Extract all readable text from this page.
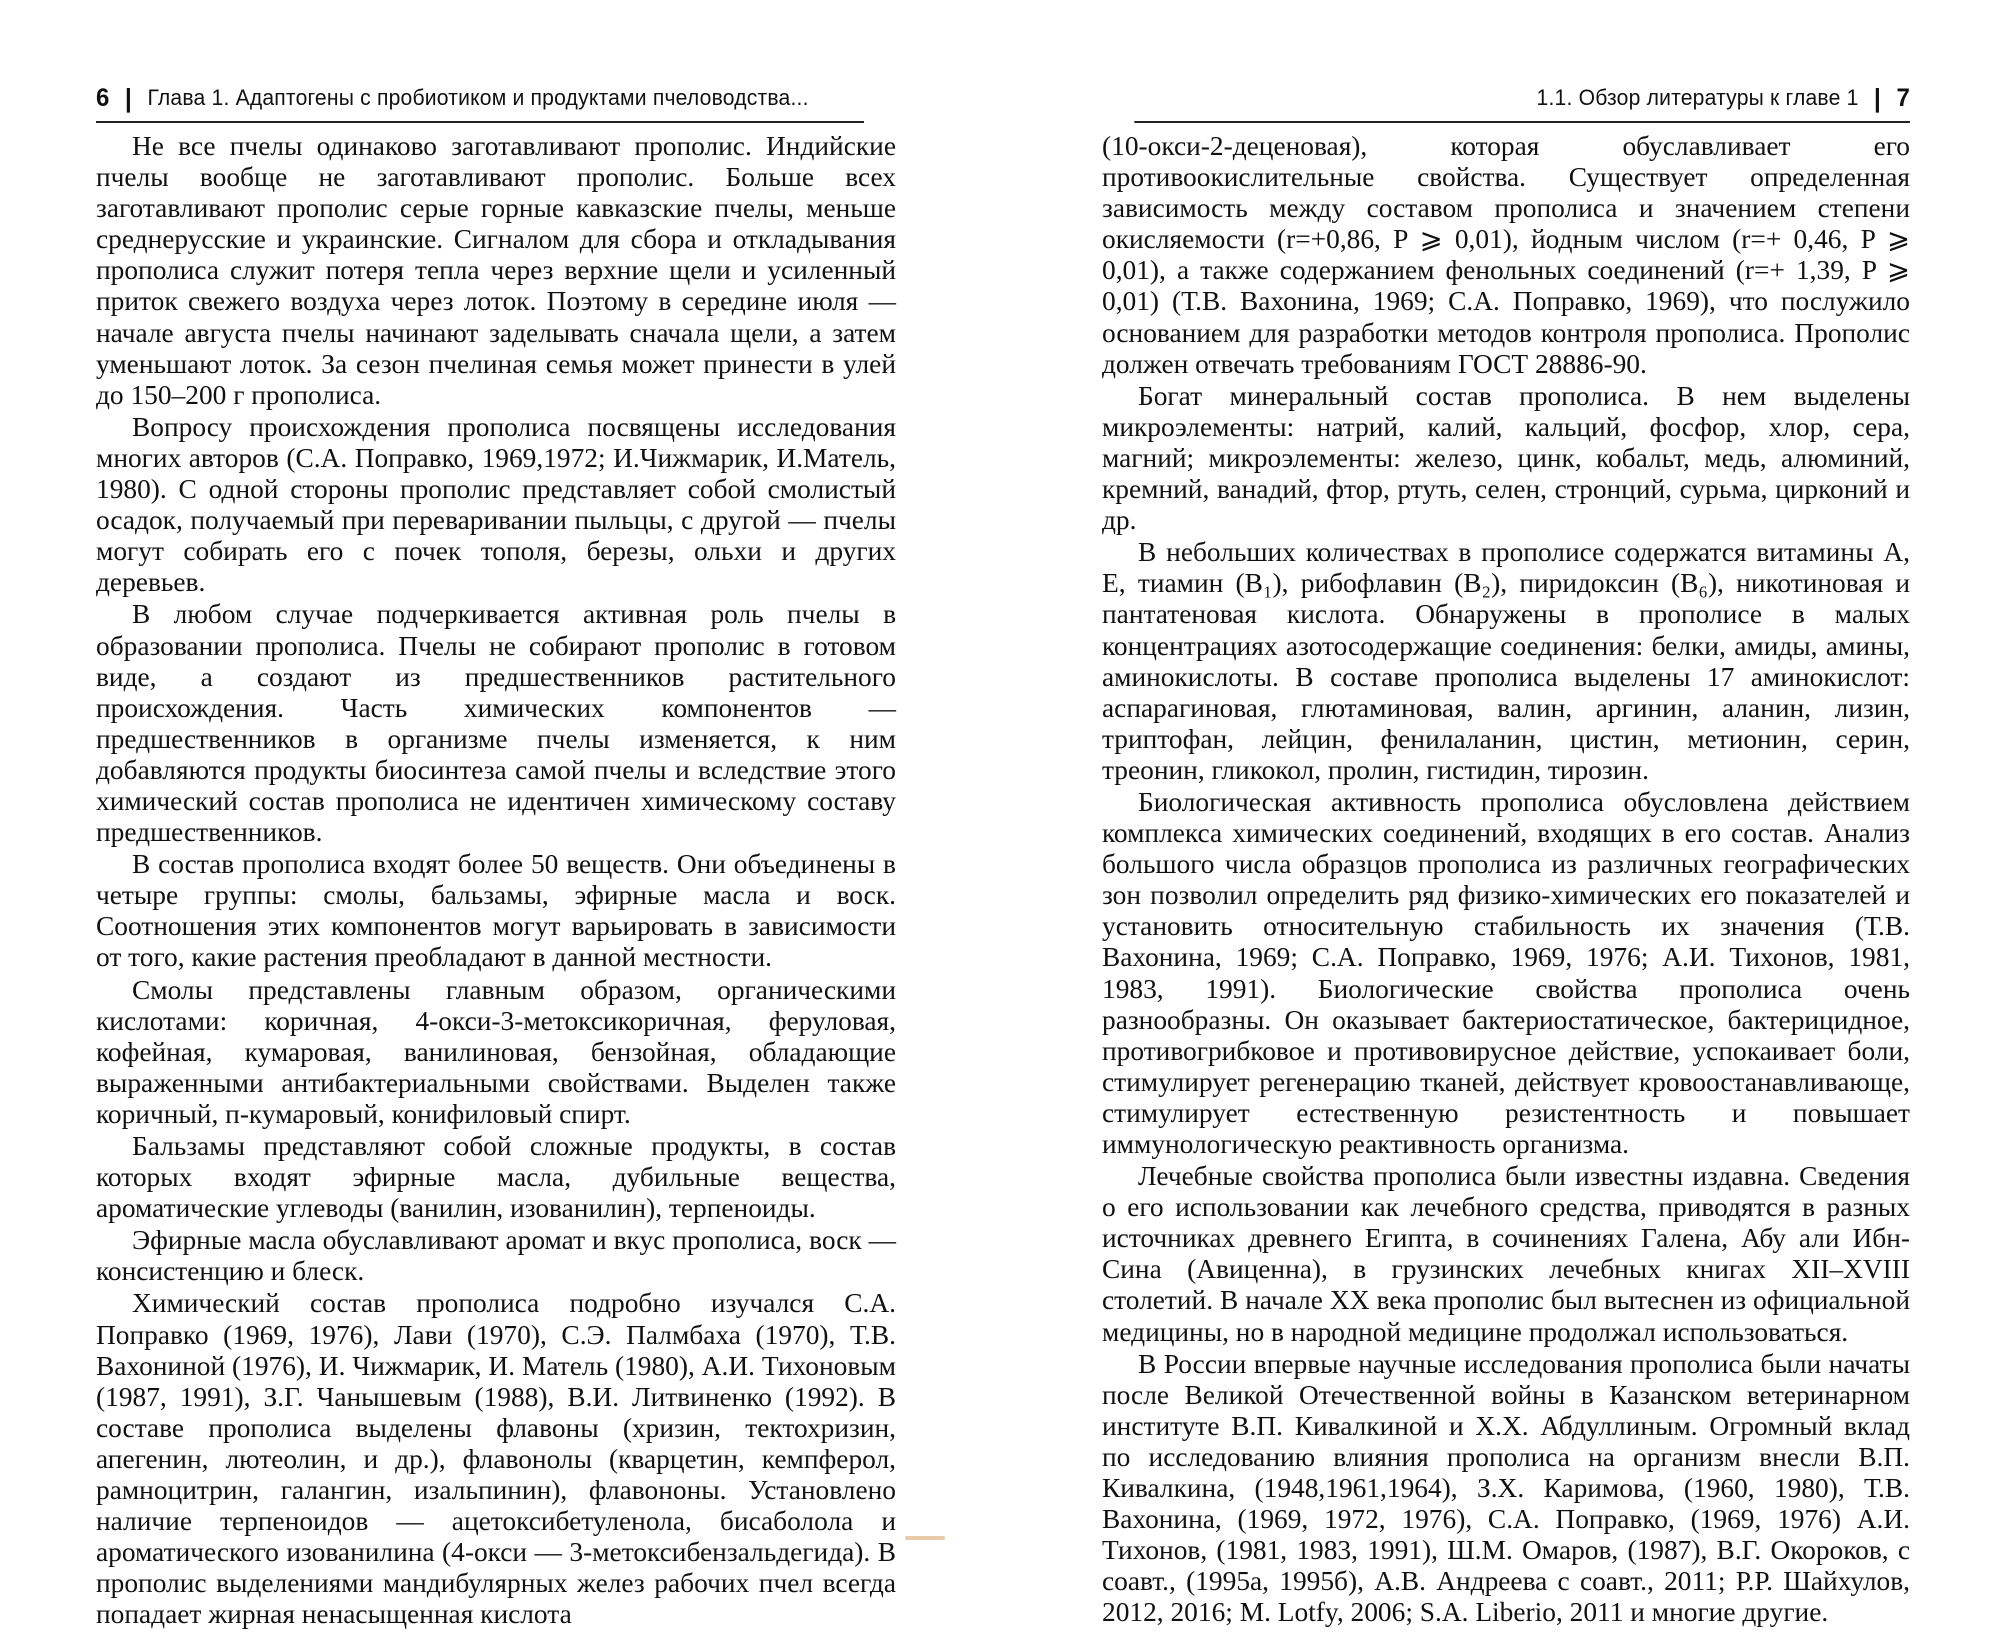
6 | Глава 1. Адаптогены с пробиотиком и продуктами пчеловодства...

Не все пчелы одинаково заготавливают прополис. Индийские пчелы вообще не заготавливают прополис. Больше всех заготавливают прополис серые горные кавказские пчелы, меньше среднерусские и украинские. Сигналом для сбора и откладывания прополиса служит потеря тепла через верхние щели и усиленный приток свежего воздуха через лоток. Поэтому в середине июля — начале августа пчелы начинают заделывать сначала щели, а затем уменьшают лоток. За сезон пчелиная семья может принести в улей до 150–200 г прополиса.

Вопросу происхождения прополиса посвящены исследования многих авторов (С.А. Поправко, 1969,1972; И.Чижмарик, И.Матель, 1980). С одной стороны прополис представляет собой смолистый осадок, получаемый при переваривании пыльцы, с другой — пчелы могут собирать его с почек тополя, березы, ольхи и других деревьев.

В любом случае подчеркивается активная роль пчелы в образовании прополиса. Пчелы не собирают прополис в готовом виде, а создают из предшественников растительного происхождения. Часть химических компонентов — предшественников в организме пчелы изменяется, к ним добавляются продукты биосинтеза самой пчелы и вследствие этого химический состав прополиса не идентичен химическому составу предшественников.

В состав прополиса входят более 50 веществ. Они объединены в четыре группы: смолы, бальзамы, эфирные масла и воск. Соотношения этих компонентов могут варьировать в зависимости от того, какие растения преобладают в данной местности.

Смолы представлены главным образом, органическими кислотами: коричная, 4-окси-3-метоксикоричная, феруловая, кофейная, кумаровая, ванилиновая, бензойная, обладающие выраженными антибактериальными свойствами. Выделен также коричный, п-кумаровый, конифиловый спирт.

Бальзамы представляют собой сложные продукты, в состав которых входят эфирные масла, дубильные вещества, ароматические углеводы (ванилин, изованилин), терпеноиды.

Эфирные масла обуславливают аромат и вкус прополиса, воск — консистенцию и блеск.

Химический состав прополиса подробно изучался С.А. Поправко (1969, 1976), Лави (1970), С.Э. Палмбаха (1970), Т.В. Вахониной (1976), И. Чижмарик, И. Матель (1980), А.И. Тихоновым (1987, 1991), З.Г. Чанышевым (1988), В.И. Литвиненко (1992). В составе прополиса выделены флавоны (хризин, тектохризин, апегенин, лютеолин, и др.), флавонолы (кварцетин, кемпферол, рамноцитрин, галангин, изальпинин), флавононы. Установлено наличие терпеноидов — ацетоксибетуленола, бисаболола и ароматического изованилина (4-окси — 3-метоксибензальдегида). В прополис выделениями мандибулярных желез рабочих пчел всегда попадает жирная ненасыщенная кислота

1.1. Обзор литературы к главе 1 | 7

(10-окси-2-деценовая), которая обуславливает его противоокислительные свойства. Существует определенная зависимость между составом прополиса и значением степени окисляемости (r=+0,86, P ⩾ 0,01), йодным числом (r=+ 0,46, P ⩾ 0,01), а также содержанием фенольных соединений (r=+ 1,39, P ⩾ 0,01) (Т.В. Вахонина, 1969; С.А. Поправко, 1969), что послужило основанием для разработки методов контроля прополиса. Прополис должен отвечать требованиям ГОСТ 28886-90.

Богат минеральный состав прополиса. В нем выделены микроэлементы: натрий, калий, кальций, фосфор, хлор, сера, магний; микроэлементы: железо, цинк, кобальт, медь, алюминий, кремний, ванадий, фтор, ртуть, селен, стронций, сурьма, цирконий и др.

В небольших количествах в прополисе содержатся витамины А, Е, тиамин (B₁), рибофлавин (B₂), пиридоксин (B₆), никотиновая и пантатеновая кислота. Обнаружены в прополисе в малых концентрациях азотосодержащие соединения: белки, амиды, амины, аминокислоты. В составе прополиса выделены 17 аминокислот: аспарагиновая, глютаминовая, валин, аргинин, аланин, лизин, триптофан, лейцин, фенилаланин, цистин, метионин, серин, треонин, гликокол, пролин, гистидин, тирозин.

Биологическая активность прополиса обусловлена действием комплекса химических соединений, входящих в его состав. Анализ большого числа образцов прополиса из различных географических зон позволил определить ряд физико-химических его показателей и установить относительную стабильность их значения (Т.В. Вахонина, 1969; С.А. Поправко, 1969, 1976; А.И. Тихонов, 1981, 1983, 1991). Биологические свойства прополиса очень разнообразны. Он оказывает бактериостатическое, бактерицидное, противогрибковое и противовирусное действие, успокаивает боли, стимулирует регенерацию тканей, действует кровоостанавливающе, стимулирует естественную резистентность и повышает иммунологическую реактивность организма.

Лечебные свойства прополиса были известны издавна. Сведения о его использовании как лечебного средства, приводятся в разных источниках древнего Египта, в сочинениях Галена, Абу али Ибн-Сина (Авиценна), в грузинских лечебных книгах XII–XVIII столетий. В начале XX века прополис был вытеснен из официальной медицины, но в народной медицине продолжал использоваться.

В России впервые научные исследования прополиса были начаты после Великой Отечественной войны в Казанском ветеринарном институте В.П. Кивалкиной и Х.Х. Абдуллиным. Огромный вклад по исследованию влияния прополиса на организм внесли В.П. Кивалкина, (1948,1961,1964), З.Х. Каримова, (1960, 1980), Т.В. Вахонина, (1969, 1972, 1976), С.А. Поправко, (1969, 1976) А.И. Тихонов, (1981, 1983, 1991), Ш.М. Омаров, (1987), В.Г. Окороков, с соавт., (1995а, 1995б), А.В. Андреева с соавт., 2011; Р.Р. Шайхулов, 2012, 2016; M. Lotfy, 2006; S.A. Liberio, 2011 и многие другие.
